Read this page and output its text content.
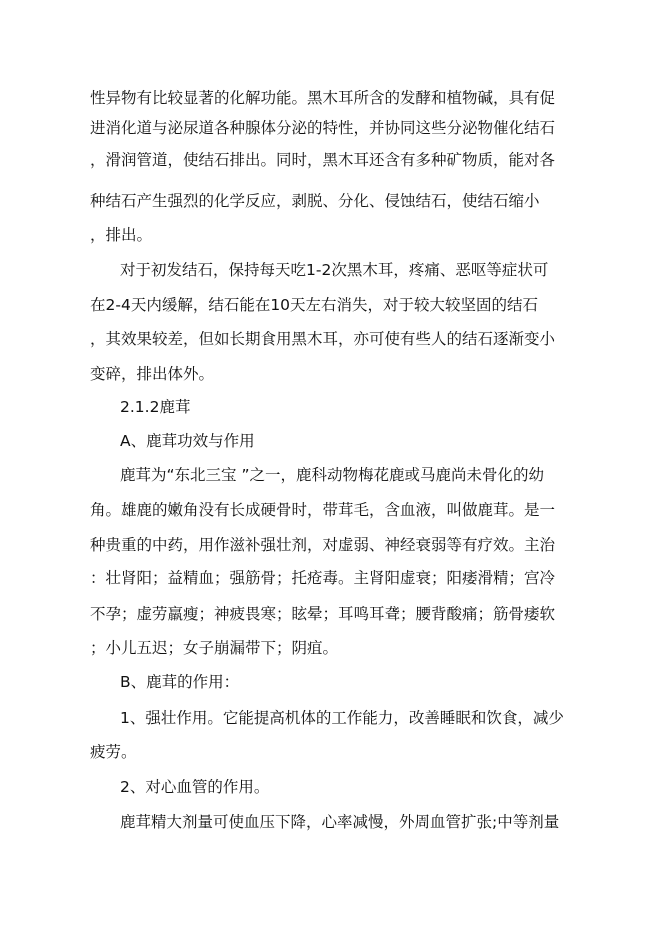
性异物有比较显著的化解功能。黑木耳所含的发酵和植物碱，具有促
进消化道与泌尿道各种腺体分泌的特性，并协同这些分泌物催化结石
，滑润管道，使结石排出。同时，黑木耳还含有多种矿物质，能对各
种结石产生强烈的化学反应，剥脱、分化、侵蚀结石，使结石缩小
，排出。
对于初发结石，保持每天吃1-2次黑木耳，疼痛、恶呕等症状可
在2-4天内缓解，结石能在10天左右消失，对于较大较坚固的结石
，其效果较差，但如长期食用黑木耳，亦可使有些人的结石逐渐变小
变碎，排出体外。
2.1.2鹿茸
A、鹿茸功效与作用
鹿茸为“东北三宝 ”之一，鹿科动物梅花鹿或马鹿尚未骨化的幼
角。雄鹿的嫩角没有长成硬骨时，带茸毛，含血液，叫做鹿茸。是一
种贵重的中药，用作滋补强壮剂，对虚弱、神经衰弱等有疗效。主治
：壮肾阳；益精血；强筋骨；托疮毒。主肾阳虚衰；阳痿滑精；宫冷
不孕；虚劳羸瘦；神疲畏寒；眩晕；耳鸣耳聋；腰背酸痛；筋骨痿软
；小儿五迟；女子崩漏带下；阴疽。
B、鹿茸的作用：
1、强壮作用。它能提高机体的工作能力，改善睡眠和饮食，减少
疲劳。
2、对心血管的作用。
鹿茸精大剂量可使血压下降，心率减慢，外周血管扩张;中等剂量
